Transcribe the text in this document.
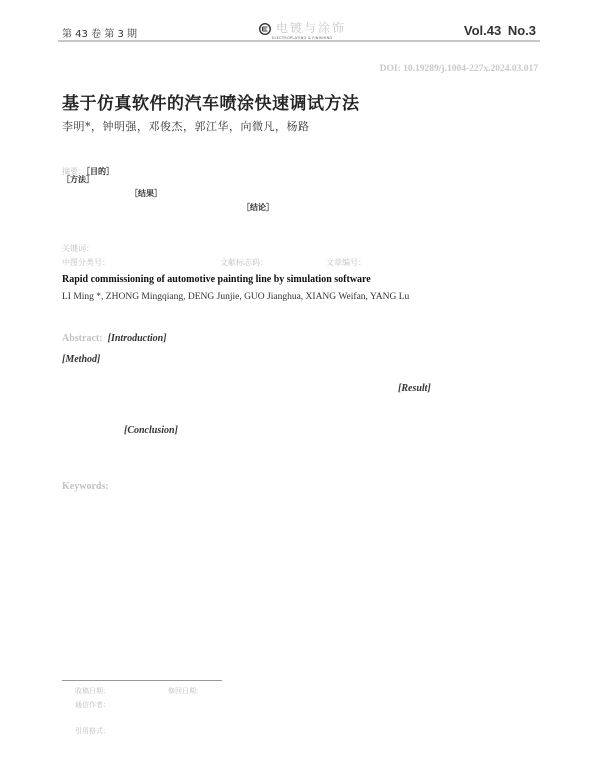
第 43 卷 第 3 期	电镀与涂饰
ELECTROPLATING & FINISHING	Vol.43 No.3
DOI: 10.19289/j.1004-227x.2024.03.017
基于仿真软件的汽车喷涂快速调试方法
李明*，钟明强，邓俊杰，郭江华，向微凡，杨路
摘要：［目的］
［方法］
［结果］
［结论］
关键词：
中图分类号：	文献标志码：	文章编号：
Rapid commissioning of automotive painting line by simulation software
LI Ming *, ZHONG Mingqiang, DENG Junjie, GUO Jianghua, XIANG Weifan, YANG Lu
Abstract: [Introduction]
[Method]
[Result]
[Conclusion]
Keywords:
收稿日期：	修回日期：
通信作者：
引用格式：
